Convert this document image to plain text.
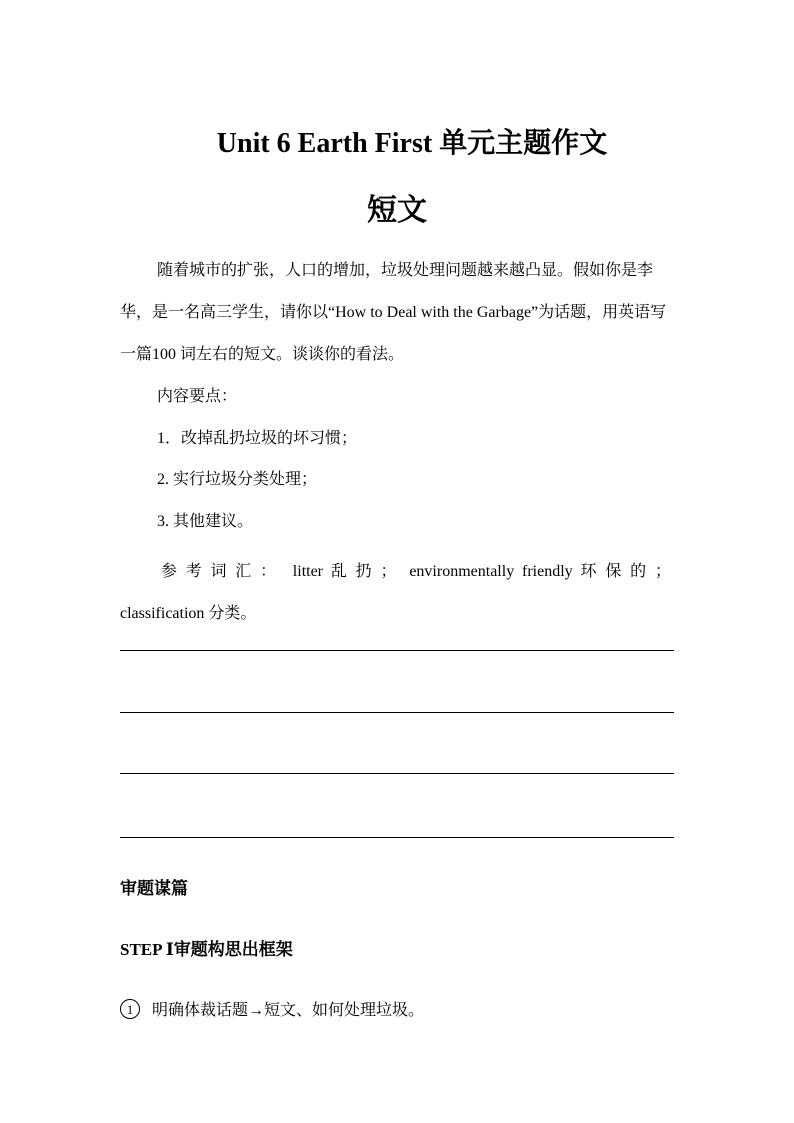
Unit 6 Earth First 单元主题作文
短文
随着城市的扩张，人口的增加，垃圾处理问题越来越凸显。假如你是李华，是一名高三学生，请你以“How to Deal with the Garbage”为话题，用英语写一篇100 词左右的短文。谈谈你的看法。
内容要点：
1．改掉乱扔垃圾的坏习惯；
2. 实行垃圾分类处理；
3. 其他建议。
参考词汇： litter 乱扔； environmentally friendly 环保的； classification 分类。
审题谋篇
STEP Ⅰ审题构思出框架
1 明确体裁话题→短文、如何处理垃圾。
